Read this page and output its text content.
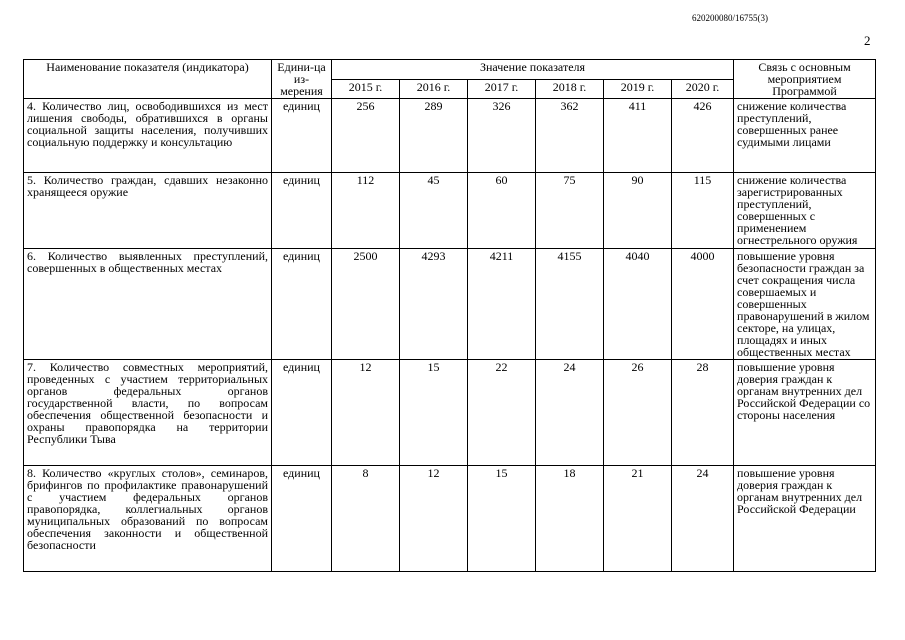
620200080/16755(3)
2
Наименование показателя (индикатора)	Едини-ца из-мерения	Значение показателя						Связь с основным мероприятием Программой
		2015 г.	2016 г.	2017 г.	2018 г.	2019 г.	2020 г.	
4. Количество лиц, освободившихся из мест лишения свободы, обратившихся в органы социальной защиты населения, получивших социальную поддержку и консультацию	единиц	256	289	326	362	411	426	снижение количества преступлений, совершенных ранее судимыми лицами
5. Количество граждан, сдавших незаконно хранящееся оружие	единиц	112	45	60	75	90	115	снижение количества зарегистрированных преступлений, совершенных с применением огнестрельного оружия
6. Количество выявленных преступлений, совершенных в общественных местах	единиц	2500	4293	4211	4155	4040	4000	повышение уровня безопасности граждан за счет сокращения числа совершаемых и совершенных правонарушений в жилом секторе, на улицах, площадях и иных общественных местах
7. Количество совместных мероприятий, проведенных с участием территориальных органов федеральных органов государственной власти, по вопросам обеспечения общественной безопасности и охраны правопорядка на территории Республики Тыва	единиц	12	15	22	24	26	28	повышение уровня доверия граждан к органам внутренних дел Российской Федерации со стороны населения
8. Количество «круглых столов», семинаров, брифингов по профилактике правонарушений с участием федеральных органов правопорядка, коллегиальных органов муниципальных образований по вопросам обеспечения законности и общественной безопасности	единиц	8	12	15	18	21	24	повышение уровня доверия граждан к органам внутренних дел Российской Федерации
